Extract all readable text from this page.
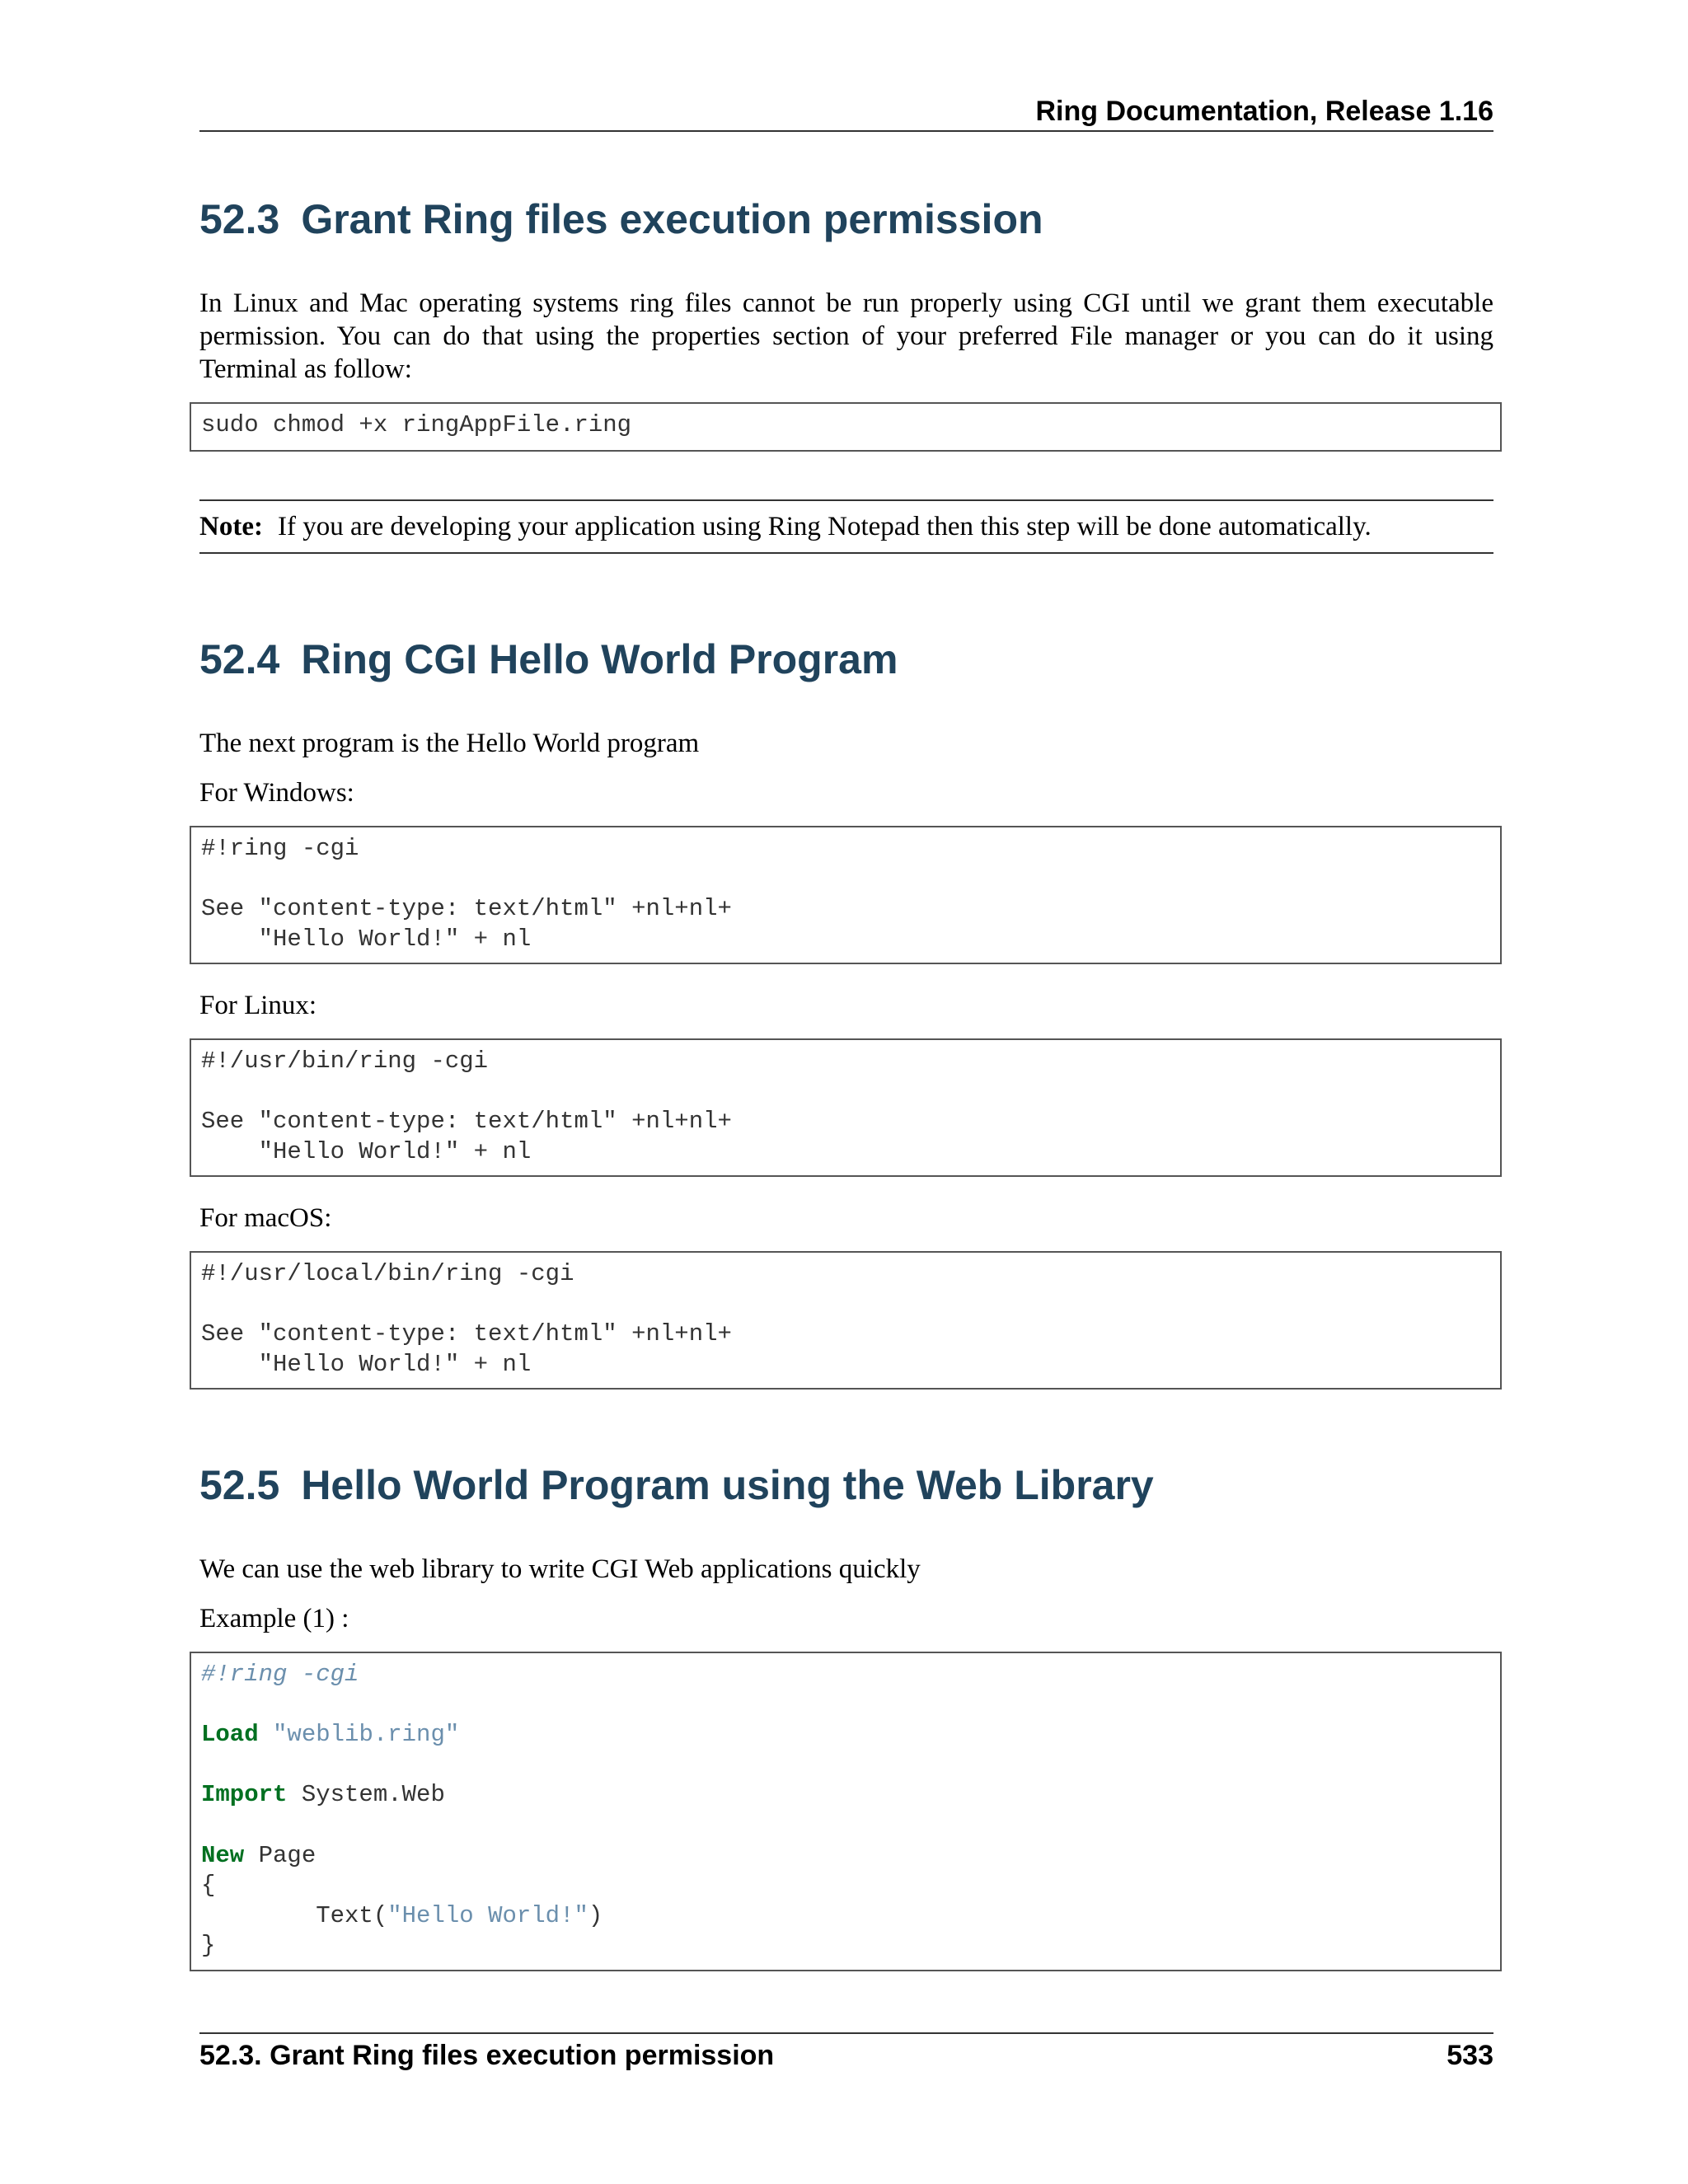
Ring Documentation, Release 1.16
52.3 Grant Ring files execution permission

In Linux and Mac operating systems ring files cannot be run properly using CGI until we grant them executable permission. You can do that using the properties section of your preferred File manager or you can do it using Terminal as follow:

sudo chmod +x ringAppFile.ring
Note: If you are developing your application using Ring Notepad then this step will be done automatically.
52.4 Ring CGI Hello World Program

The next program is the Hello World program

For Windows:

#!ring -cgi
See "content-type: text/html" +nl+nl+
"Hello World!" + nl

For Linux:

#!/usr/bin/ring -cgi
See "content-type: text/html" +nl+nl+
"Hello World!" + nl

For macOS:

#!/usr/local/bin/ring -cgi
See "content-type: text/html" +nl+nl+
"Hello World!" + nl
52.5 Hello World Program using the Web Library

We can use the web library to write CGI Web applications quickly

Example (1) :

#!ring -cgi
Load "weblib.ring"
Import System.Web
New Page
{
Text("Hello World!")
}
52.3. Grant Ring files execution permission	533
